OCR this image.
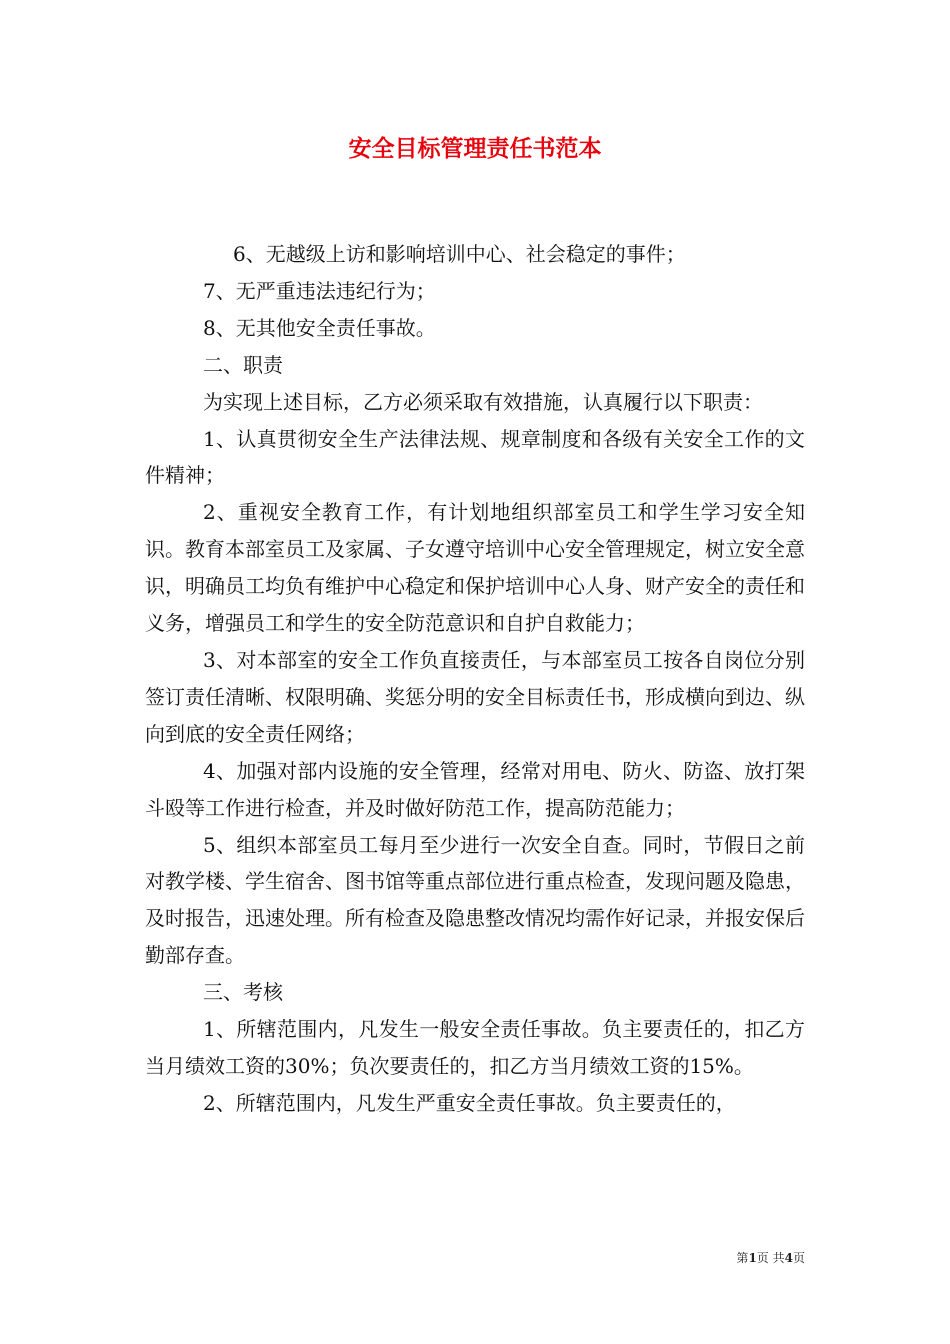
安全目标管理责任书范本

6、无越级上访和影响培训中心、社会稳定的事件；

7、无严重违法违纪行为；

8、无其他安全责任事故。

二、职责

为实现上述目标，乙方必须采取有效措施，认真履行以下职责：

1、认真贯彻安全生产法律法规、规章制度和各级有关安全工作的文件精神；

2、重视安全教育工作，有计划地组织部室员工和学生学习安全知识。教育本部室员工及家属、子女遵守培训中心安全管理规定，树立安全意识，明确员工均负有维护中心稳定和保护培训中心人身、财产安全的责任和义务，增强员工和学生的安全防范意识和自护自救能力；

3、对本部室的安全工作负直接责任，与本部室员工按各自岗位分别签订责任清晰、权限明确、奖惩分明的安全目标责任书，形成横向到边、纵向到底的安全责任网络；

4、加强对部内设施的安全管理，经常对用电、防火、防盗、放打架斗殴等工作进行检查，并及时做好防范工作，提高防范能力；

5、组织本部室员工每月至少进行一次安全自查。同时，节假日之前对教学楼、学生宿舍、图书馆等重点部位进行重点检查，发现问题及隐患，及时报告，迅速处理。所有检查及隐患整改情况均需作好记录，并报安保后勤部存查。

三、考核

1、所辖范围内，凡发生一般安全责任事故。负主要责任的，扣乙方当月绩效工资的30%；负次要责任的，扣乙方当月绩效工资的15%。

2、所辖范围内，凡发生严重安全责任事故。负主要责任的，

第1页 共4页
